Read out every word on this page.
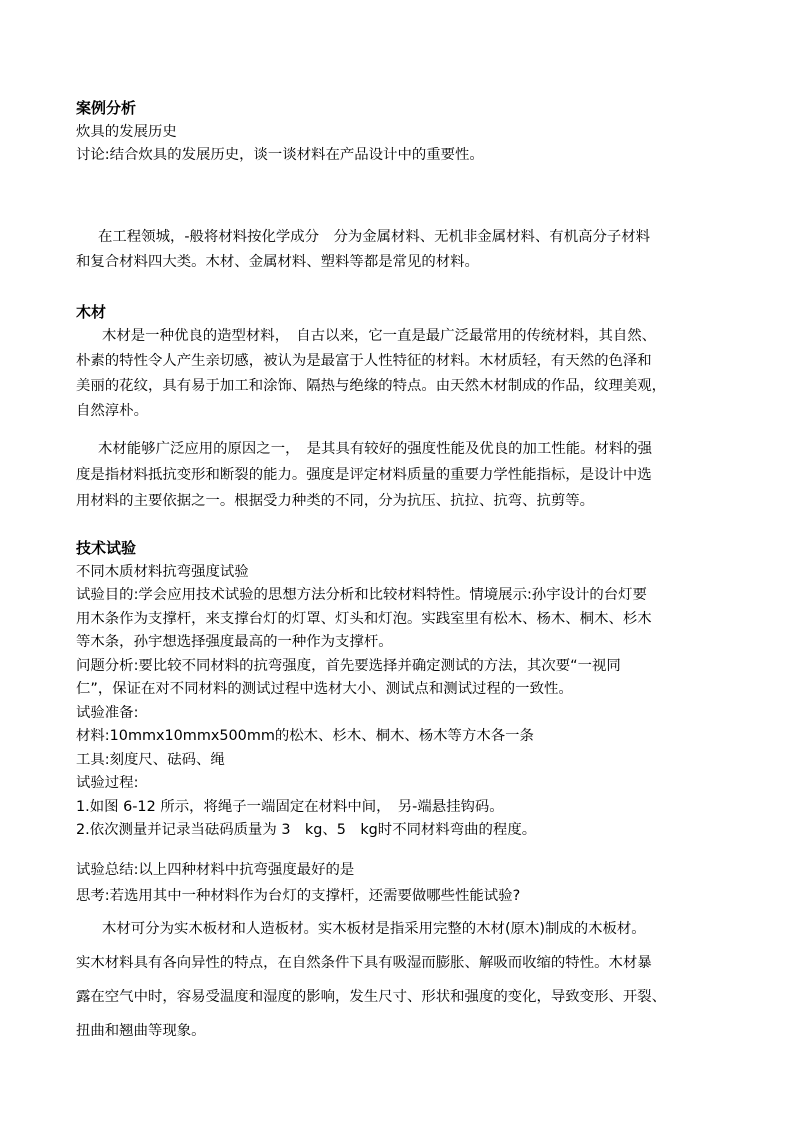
案例分析
炊具的发展历史
讨论:结合炊具的发展历史，谈一谈材料在产品设计中的重要性。
在工程领城，-般将材料按化学成分　分为金属材料、无机非金属材料、有机高分子材料
和复合材料四大类。木材、金属材料、塑料等都是常见的材料。
木材
木材是一种优良的造型材料，　自古以来，它一直是最广泛最常用的传统材料，其自然、
朴素的特性令人产生亲切感，被认为是最富于人性特征的材料。木材质轻，有天然的色泽和
美丽的花纹，具有易于加工和涂饰、隔热与绝缘的特点。由天然木材制成的作品，纹理美观，
自然淳朴。
木材能够广泛应用的原因之一，　是其具有较好的强度性能及优良的加工性能。材料的强
度是指材料抵抗变形和断裂的能力。强度是评定材料质量的重要力学性能指标，是设计中选
用材料的主要依据之一。根据受力种类的不同，分为抗压、抗拉、抗弯、抗剪等。
技术试验
不同木质材料抗弯强度试验
试验目的:学会应用技术试验的思想方法分析和比较材料特性。情境展示:孙宇设计的台灯要
用木条作为支撑杆，来支撑台灯的灯罩、灯头和灯泡。实践室里有松木、杨木、桐木、杉木
等木条，孙宇想选择强度最高的一种作为支撑杆。
问题分析:要比较不同材料的抗弯强度，首先要选择并确定测试的方法，其次要“一视同
仁”，保证在对不同材料的测试过程中选材大小、测试点和测试过程的一致性。
试验准备:
材料:10mmx10mmx500mm的松木、杉木、桐木、杨木等方木各一条
工具:刻度尺、砝码、绳
试验过程:
1.如图 6-12 所示，将绳子一端固定在材料中间，　另-端悬挂钩码。
2.依次测量并记录当砝码质量为 3　kg、5　kg时不同材料弯曲的程度。
试验总结:以上四种材料中抗弯强度最好的是
思考:若选用其中一种材料作为台灯的支撑杆，还需要做哪些性能试验?
木材可分为实木板材和人造板材。实木板材是指采用完整的木材(原木)制成的木板材。
实木材料具有各向异性的特点，在自然条件下具有吸湿而膨胀、解吸而收缩的特性。木材暴
露在空气中时，容易受温度和湿度的影响，发生尺寸、形状和强度的变化，导致变形、开裂、
扭曲和翘曲等现象。
